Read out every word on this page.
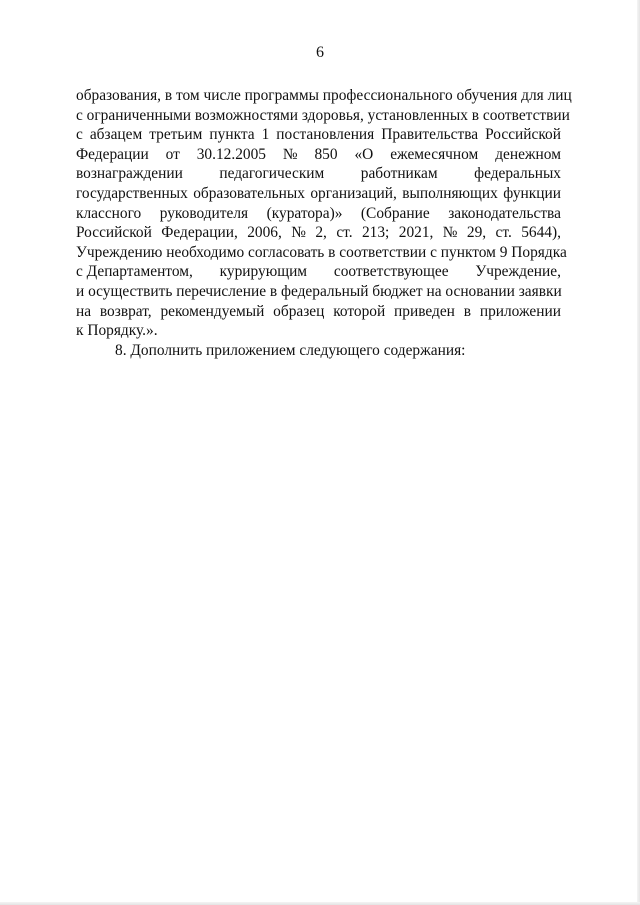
6
образования, в том числе программы профессионального обучения для лиц
с ограниченными возможностями здоровья, установленных в соответствии
с абзацем третьим пункта 1 постановления Правительства Российской
Федерации от 30.12.2005 № 850 «О ежемесячном денежном
вознаграждении педагогическим работникам федеральных
государственных образовательных организаций, выполняющих функции
классного руководителя (куратора)» (Собрание законодательства
Российской Федерации, 2006, № 2, ст. 213; 2021, № 29, ст. 5644),
Учреждению необходимо согласовать в соответствии с пунктом 9 Порядка
с Департаментом, курирующим соответствующее Учреждение,
и осуществить перечисление в федеральный бюджет на основании заявки
на возврат, рекомендуемый образец которой приведен в приложении
к Порядку.».
8. Дополнить приложением следующего содержания:
